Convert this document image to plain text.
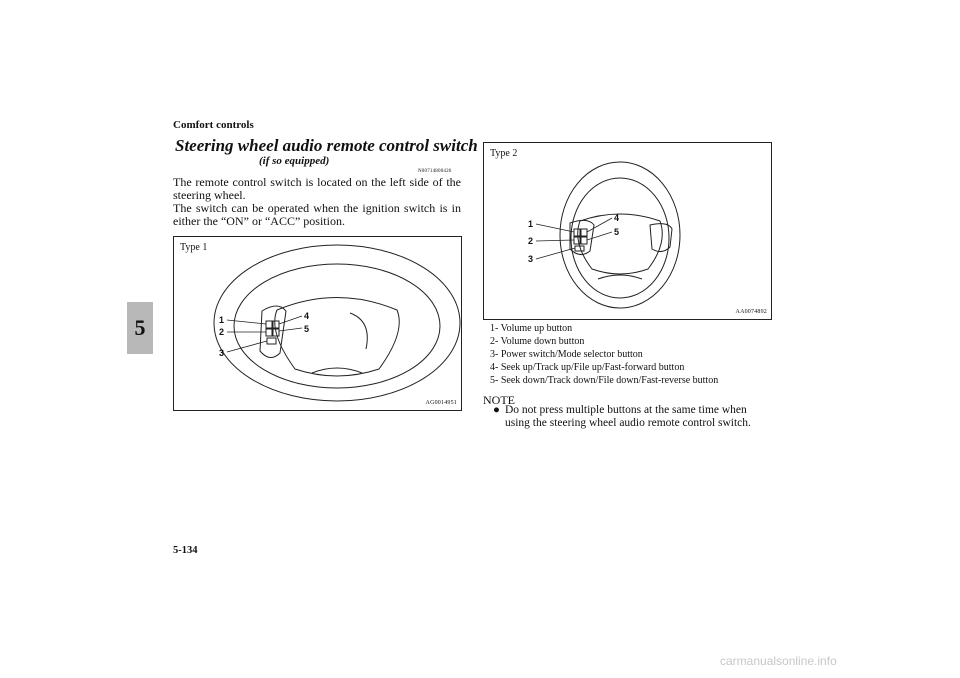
Comfort controls
5
Steering wheel audio remote control switch
(if so equipped)
N00714800426

The remote control switch is located on the left side of the steering wheel.

The switch can be operated when the ignition switch is in either the “ON” or “ACC” position.

Type 1
1
2
3
4
5
AG0014951
Type 2
1
2
3
4
5
AA0074892
1- Volume up button
2- Volume down button
3- Power switch/Mode selector button
4- Seek up/Track up/File up/Fast-forward button
5- Seek down/Track down/File down/Fast-reverse button
NOTE
● Do not press multiple buttons at the same time when using the steering wheel audio remote control switch.
5-134
carmanualsonline.info
